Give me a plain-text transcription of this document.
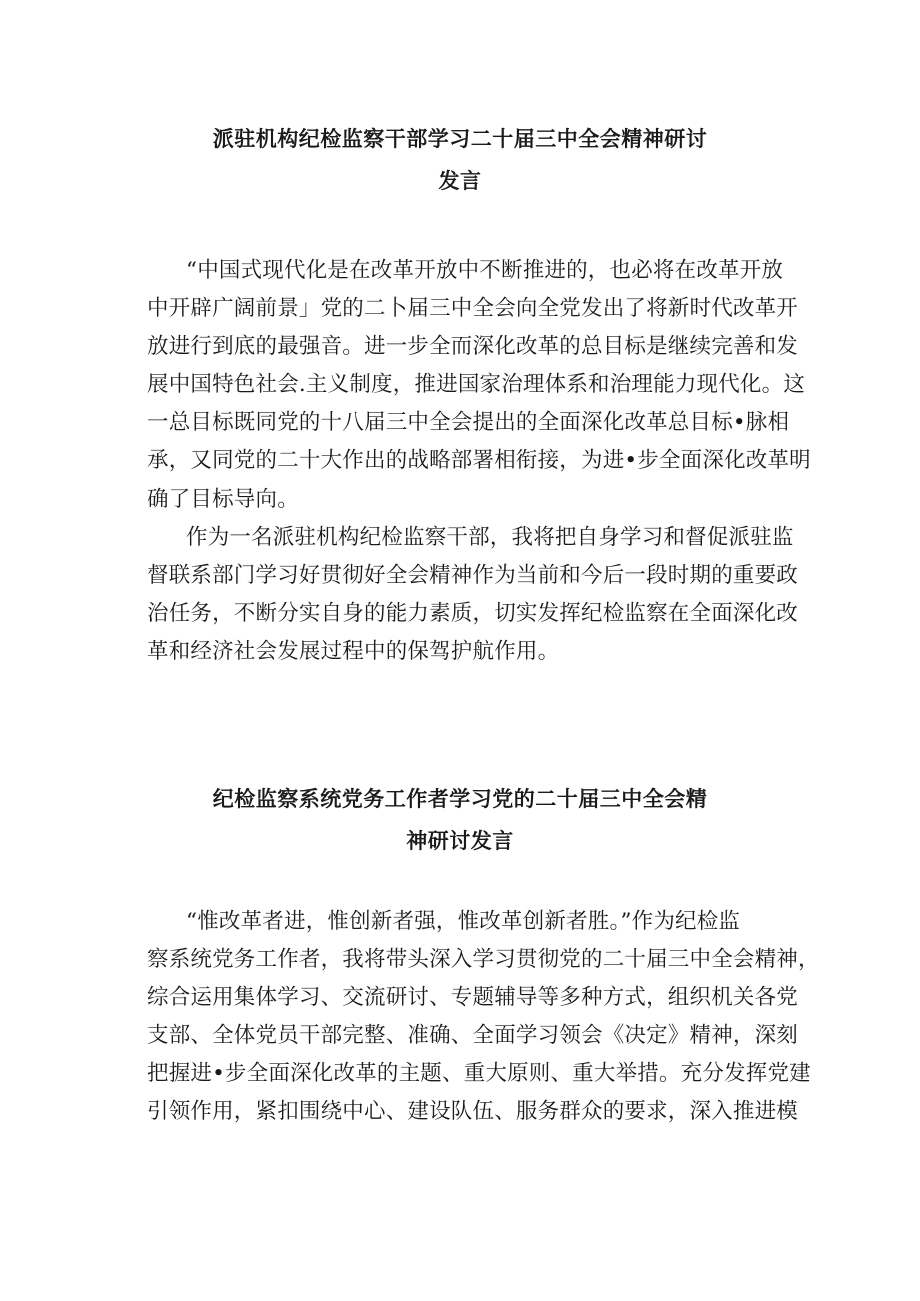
派驻机构纪检监察干部学习二十届三中全会精神研讨
发言

“中国式现代化是在改革开放中不断推进的，也必将在改革开放
中开辟广阔前景」党的二卜届三中全会向全党发出了将新时代改革开
放进行到底的最强音。进一步全而深化改革的总目标是继续完善和发
展中国特色社会.主义制度，推进国家治理体系和治理能力现代化。这
一总目标既同党的十八届三中全会提出的全面深化改革总目标•脉相
承，又同党的二十大作出的战略部署相衔接，为进•步全面深化改革明
确了目标导向。

作为一名派驻机构纪检监察干部，我将把自身学习和督促派驻监
督联系部门学习好贯彻好全会精神作为当前和今后一段时期的重要政
治任务，不断分实自身的能力素质，切实发挥纪检监察在全面深化改
革和经济社会发展过程中的保驾护航作用。

纪检监察系统党务工作者学习党的二十届三中全会精
神研讨发言

“惟改革者进，惟创新者强，惟改革创新者胜。”作为纪检监
察系统党务工作者，我将带头深入学习贯彻党的二十届三中全会精神，
综合运用集体学习、交流研讨、专题辅导等多种方式，组织机关各党
支部、全体党员干部完整、准确、全面学习领会《决定》精神，深刻
把握进•步全面深化改革的主题、重大原则、重大举措。充分发挥党建
引领作用，紧扣围绕中心、建设队伍、服务群众的要求，深入推进模
